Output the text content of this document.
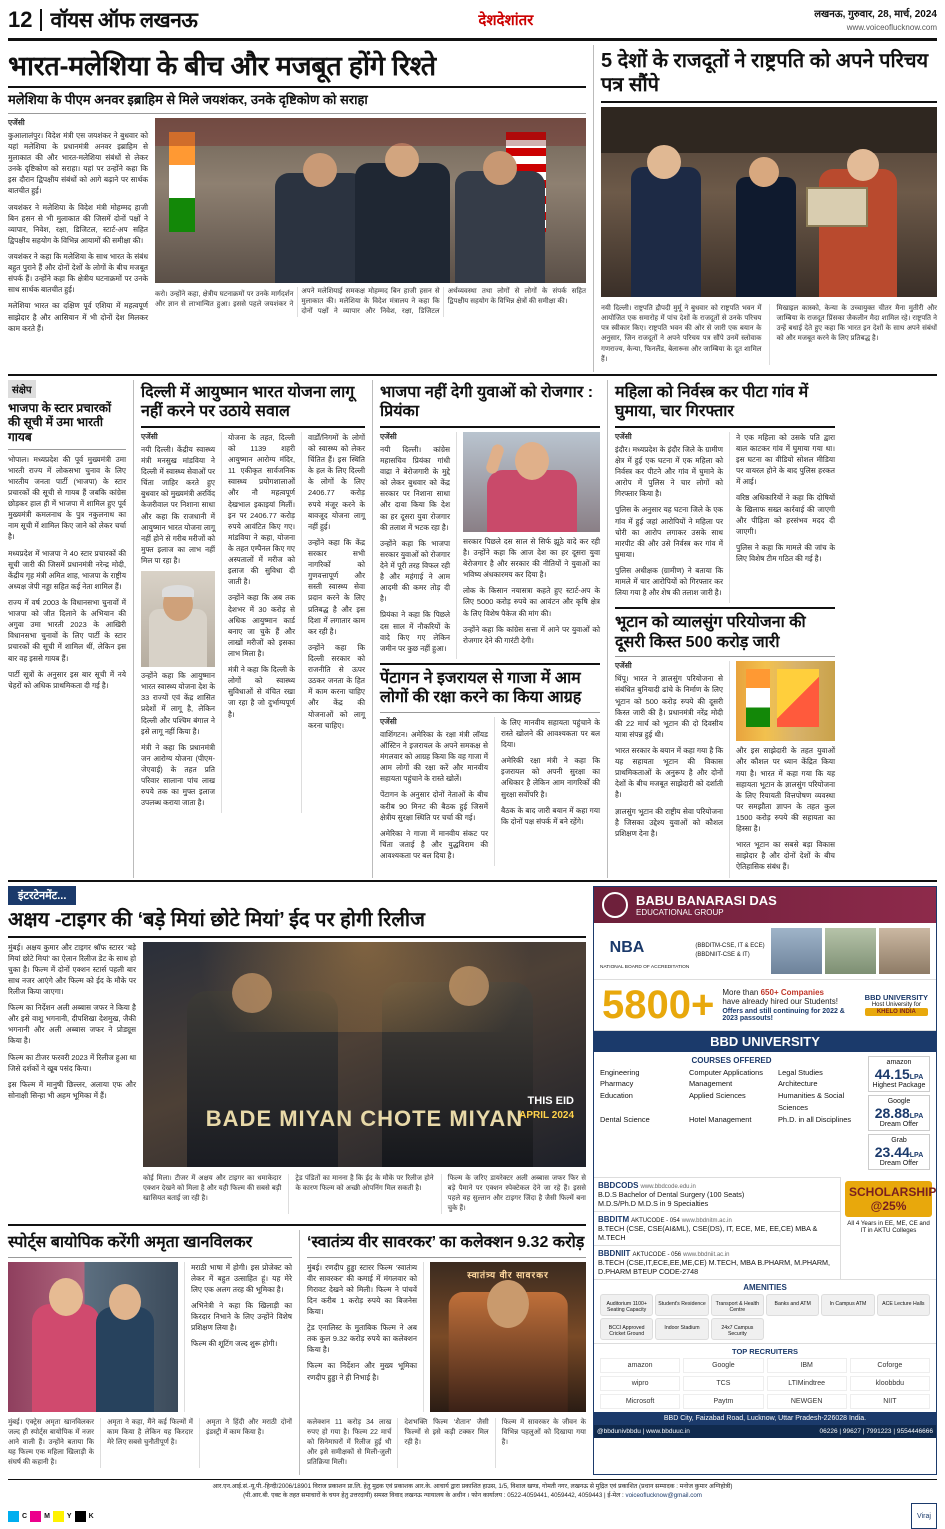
12 वॉयस ऑफ लखनऊ	देशदेशांतर	लखनऊ, गुरुवार, 28, मार्च, 2024
www.voiceoflucknow.com
भारत-मलेशिया के बीच और मजबूत होंगे रिश्ते
मलेशिया के पीएम अनवर इब्राहिम से मिले जयशंकर, उनके दृष्टिकोण को सराहा
एजेंसी

कुआलालंपुर। विदेश मंत्री एस जयशंकर ने बुधवार को यहां मलेशिया के प्रधानमंत्री अनवर इब्राहिम से मुलाकात की और भारत-मलेशिया संबंधों से लेकर उनके दृष्टिकोण को सराहा। यहां पर उन्होंने कहा कि इस दौरान द्विपक्षीय संबंधों को आगे बढ़ाने पर सार्थक बातचीत हुई।

जयशंकर ने मलेशिया के विदेश मंत्री मोहम्मद हाजी बिन हसन से भी मुलाकात की जिसमें दोनों पक्षों ने व्यापार, निवेश, रक्षा, डिजिटल, स्टार्ट-अप सहित द्विपक्षीय सहयोग के विभिन्न आयामों की समीक्षा की।

जयशंकर ने कहा कि मलेशिया के साथ भारत के संबंध बहुत पुराने हैं और दोनों देशों के लोगों के बीच मजबूत संपर्क हैं। उन्होंने कहा कि क्षेत्रीय घटनाक्रमों पर उनके साथ सार्थक बातचीत हुई।

मलेशिया भारत का दक्षिण पूर्व एशिया में महत्वपूर्ण साझेदार है और आसियान में भी दोनों देश मिलकर काम करते हैं।

करो। उन्होंने कहा, क्षेत्रीय घटनाक्रमों पर उनके मार्गदर्शन और ज्ञान से लाभान्वित हुआ। इससे पहले जयशंकर ने अपने मलेशियाई समकक्ष मोहम्मद बिन हाजी हसन से मुलाकात की। मलेशिया के विदेश मंत्रालय ने कहा कि दोनों पक्षों ने व्यापार और निवेश, रक्षा, डिजिटल अर्थव्यवस्था तथा लोगों से लोगों के संपर्क सहित द्विपक्षीय सहयोग के विभिन्न क्षेत्रों की समीक्षा की।

5 देशों के राजदूतों ने राष्ट्रपति को अपने परिचय पत्र सौंपे

नयी दिल्ली। राष्ट्रपति द्रौपदी मुर्मू ने बुधवार को राष्ट्रपति भवन में आयोजित एक समारोह में पांच देशों के राजदूतों से उनके परिचय पत्र स्वीकार किए। राष्ट्रपति भवन की ओर से जारी एक बयान के अनुसार, जिन राजदूतों ने अपने परिचय पत्र सौंपे उनमें स्लोवाक गणराज्य, केन्या, फिनलैंड, बेलारूस और जाम्बिया के दूत शामिल हैं।

मिखाइल कास्को, केन्या के उच्चायुक्त चीतर मैना मुतीरी और जाम्बिया के राजदूत प्रिंसका जैकलीन मैदा शामिल रहे। राष्ट्रपति ने उन्हें बधाई देते हुए कहा कि भारत इन देशों के साथ अपने संबंधों को और मजबूत करने के लिए प्रतिबद्ध है।

संक्षेप
भाजपा के स्टार प्रचारकों की सूची में उमा भारती गायब

भोपाल। मध्यप्रदेश की पूर्व मुख्यमंत्री उमा भारती राज्य में लोकसभा चुनाव के लिए भारतीय जनता पार्टी (भाजपा) के स्टार प्रचारकों की सूची से गायब हैं जबकि कांग्रेस छोड़कर हाल ही में भाजपा में शामिल हुए पूर्व मुख्यमंत्री कमलनाथ के पुत्र नकुलनाथ का नाम सूची में शामिल किए जाने को लेकर चर्चा है।

मध्यप्रदेश में भाजपा ने 40 स्टार प्रचारकों की सूची जारी की जिसमें प्रधानमंत्री नरेन्द्र मोदी, केंद्रीय गृह मंत्री अमित शाह, भाजपा के राष्ट्रीय अध्यक्ष जेपी नड्डा सहित कई नेता शामिल हैं।

राज्य में वर्ष 2003 के विधानसभा चुनावों में भाजपा को जीत दिलाने के अभियान की अगुवा उमा भारती 2023 के आखिरी विधानसभा चुनावों के लिए पार्टी के स्टार प्रचारकों की सूची में शामिल थीं, लेकिन इस बार वह इससे गायब हैं।

पार्टी सूत्रों के अनुसार इस बार सूची में नये चेहरों को अधिक प्राथमिकता दी गई है।

दिल्ली में आयुष्मान भारत योजना लागू नहीं करने पर उठाये सवाल
एजेंसी

नयी दिल्ली। केंद्रीय स्वास्थ्य मंत्री मनसुख मांडविया ने दिल्ली में स्वास्थ्य सेवाओं पर चिंता जाहिर करते हुए बुधवार को मुख्यमंत्री अरविंद केजरीवाल पर निशाना साधा और कहा कि राजधानी में आयुष्मान भारत योजना लागू नहीं होने से गरीब मरीजों को मुफ्त इलाज का लाभ नहीं मिल पा रहा है।

उन्होंने कहा कि आयुष्मान भारत स्वास्थ्य योजना देश के 33 राज्यों एवं केंद्र शासित प्रदेशों में लागू है, लेकिन दिल्ली और पश्चिम बंगाल ने इसे लागू नहीं किया है।

मंत्री ने कहा कि प्रधानमंत्री जन आरोग्य योजना (पीएम-जेएवाई) के तहत प्रति परिवार सालाना पांच लाख रुपये तक का मुफ्त इलाज उपलब्ध कराया जाता है।

योजना के तहत, दिल्ली को 1139 शहरी आयुष्मान आरोग्य मंदिर, 11 एकीकृत सार्वजनिक स्वास्थ्य प्रयोगशालाओं और नौ महत्वपूर्ण देखभाल इकाइयां मिलीं। इन पर 2406.77 करोड़ रुपये आवंटित किए गए। मांडविया ने कहा, योजना के तहत एम्पैनल किए गए अस्पतालों में मरीज को इलाज की सुविधा दी जाती है।

उन्होंने कहा कि अब तक देशभर में 30 करोड़ से अधिक आयुष्मान कार्ड बनाए जा चुके हैं और लाखों मरीजों को इसका लाभ मिला है।

मंत्री ने कहा कि दिल्ली के लोगों को स्वास्थ्य सुविधाओं से वंचित रखा जा रहा है जो दुर्भाग्यपूर्ण है।

वार्डों/निगमों के लोगों को स्वास्थ्य को लेकर चिंतित हैं। इस स्थिति के हल के लिए दिल्ली के लोगों के लिए 2406.77 करोड़ रुपये मंजूर करने के बावजूद योजना लागू नहीं हुई।

उन्होंने कहा कि केंद्र सरकार सभी नागरिकों को गुणवत्तापूर्ण और सस्ती स्वास्थ्य सेवा प्रदान करने के लिए प्रतिबद्ध है और इस दिशा में लगातार काम कर रही है।

उन्होंने कहा कि दिल्ली सरकार को राजनीति से ऊपर उठकर जनता के हित में काम करना चाहिए और केंद्र की योजनाओं को लागू करना चाहिए।

भाजपा नहीं देगी युवाओं को रोजगार : प्रियंका
एजेंसी

नयी दिल्ली। कांग्रेस महासचिव प्रियंका गांधी वाद्रा ने बेरोजगारी के मुद्दे को लेकर बुधवार को केंद्र सरकार पर निशाना साधा और दावा किया कि देश का हर दूसरा युवा रोजगार की तलाश में भटक रहा है।

उन्होंने कहा कि भाजपा सरकार युवाओं को रोजगार देने में पूरी तरह विफल रही है और महंगाई ने आम आदमी की कमर तोड़ दी है।

प्रियंका ने कहा कि पिछले दस साल में नौकरियों के वादे किए गए लेकिन जमीन पर कुछ नहीं हुआ।

सरकार पिछले दस साल से सिर्फ झूठे वादे कर रही है। उन्होंने कहा कि आज देश का हर दूसरा युवा बेरोजगार है और सरकार की नीतियों ने युवाओं का भविष्य अंधकारमय कर दिया है।

लोक के किसान नयासत्रा कहते हुए स्टार्ट-अप के लिए 5000 करोड़ रुपये का आवंटन और कृषि क्षेत्र के लिए विशेष पैकेज की मांग की।

उन्होंने कहा कि कांग्रेस सत्ता में आने पर युवाओं को रोजगार देने की गारंटी देगी।

पेंटागन ने इजरायल से गाजा में आम लोगों की रक्षा करने का किया आग्रह
एजेंसी

वाशिंगटन। अमेरिका के रक्षा मंत्री लॉयड ऑस्टिन ने इजरायल के अपने समकक्ष से मंगलवार को आग्रह किया कि वह गाजा में आम लोगों की रक्षा करें और मानवीय सहायता पहुंचाने के रास्ते खोलें।

पेंटागन के अनुसार दोनों नेताओं के बीच करीब 90 मिनट की बैठक हुई जिसमें क्षेत्रीय सुरक्षा स्थिति पर चर्चा की गई।

अमेरिका ने गाजा में मानवीय संकट पर चिंता जताई है और युद्धविराम की आवश्यकता पर बल दिया है।

के लिए मानवीय सहायता पहुंचाने के रास्ते खोलने की आवश्यकता पर बल दिया।

अमेरिकी रक्षा मंत्री ने कहा कि इजरायल को अपनी सुरक्षा का अधिकार है लेकिन आम नागरिकों की सुरक्षा सर्वोपरि है।

बैठक के बाद जारी बयान में कहा गया कि दोनों पक्ष संपर्क में बने रहेंगे।

महिला को निर्वस्त्र कर पीटा गांव में घुमाया, चार गिरफ्तार
एजेंसी

इंदौर। मध्यप्रदेश के इंदौर जिले के ग्रामीण क्षेत्र में हुई एक घटना में एक महिला को निर्वस्त्र कर पीटने और गांव में घुमाने के आरोप में पुलिस ने चार लोगों को गिरफ्तार किया है।

पुलिस के अनुसार यह घटना जिले के एक गांव में हुई जहां आरोपियों ने महिला पर चोरी का आरोप लगाकर उसके साथ मारपीट की और उसे निर्वस्त्र कर गांव में घुमाया।

पुलिस अधीक्षक (ग्रामीण) ने बताया कि मामले में चार आरोपियों को गिरफ्तार कर लिया गया है और शेष की तलाश जारी है।

ने एक महिला को उसके पति द्वारा बाल काटकर गांव में घुमाया गया था। इस घटना का वीडियो सोशल मीडिया पर वायरल होने के बाद पुलिस हरकत में आई।

वरिष्ठ अधिकारियों ने कहा कि दोषियों के खिलाफ सख्त कार्रवाई की जाएगी और पीड़िता को हरसंभव मदद दी जाएगी।

पुलिस ने कहा कि मामले की जांच के लिए विशेष टीम गठित की गई है।

भूटान को व्यालसुंग परियोजना की दूसरी किस्त 500 करोड़ जारी
एजेंसी

थिंपू। भारत ने ज्ञालसुंग परियोजना से संबंधित बुनियादी ढांचे के निर्माण के लिए भूटान को 500 करोड़ रुपये की दूसरी किस्त जारी की है। प्रधानमंत्री नरेंद्र मोदी की 22 मार्च को भूटान की दो दिवसीय यात्रा संपन्न हुई थी।

भारत सरकार के बयान में कहा गया है कि यह सहायता भूटान की विकास प्राथमिकताओं के अनुरूप है और दोनों देशों के बीच मजबूत साझेदारी को दर्शाती है।

ज्ञालसुंग भूटान की राष्ट्रीय सेवा परियोजना है जिसका उद्देश्य युवाओं को कौशल प्रशिक्षण देना है।

और इस साझेदारी के तहत युवाओं और कौशल पर ध्यान केंद्रित किया गया है। भारत में कहा गया कि यह सहायता भूटान के ज्ञालसुंग परियोजना के लिए रियायती वित्तपोषण व्यवस्था पर समझौता ज्ञापन के तहत कुल 1500 करोड़ रुपये की सहायता का हिस्सा है।

भारत भूटान का सबसे बड़ा विकास साझेदार है और दोनों देशों के बीच ऐतिहासिक संबंध हैं।

इंटरटेनमेंट...
अक्षय -टाइगर की ‘बड़े मियां छोटे मियां’ ईद पर होगी रिलीज

मुंबई। अक्षय कुमार और टाइगर श्रॉफ स्टारर ‘बड़े मियां छोटे मियां’ का ऐलान रिलीज डेट के साथ हो चुका है। फिल्म में दोनों एक्शन स्टार्स पहली बार साथ नजर आएंगे और फिल्म को ईद के मौके पर रिलीज किया जाएगा।

फिल्म का निर्देशन अली अब्बास जफर ने किया है और इसे वाशु भगनानी, दीपशिखा देशमुख, जैकी भगनानी और अली अब्बास जफर ने प्रोड्यूस किया है।

फिल्म का टीजर फरवरी 2023 में रिलीज हुआ था जिसे दर्शकों ने खूब पसंद किया।

इस फिल्म में मानुषी छिल्लर, अलाया एफ और सोनाक्षी सिन्हा भी अहम भूमिका में हैं।

BADE MIYAN CHOTE MIYAN
THIS EID
APRIL 2024

कोई मिला। टीजर में अक्षय और टाइगर का धमाकेदार एक्शन देखने को मिला है और यही फिल्म की सबसे बड़ी खासियत बताई जा रही है।

ट्रेड पंडितों का मानना है कि ईद के मौके पर रिलीज होने के कारण फिल्म को अच्छी ओपनिंग मिल सकती है।

फिल्म के जरिए डायरेक्टर अली अब्बास जफर फिर से बड़े पैमाने पर एक्शन स्पेक्टेकल देने जा रहे हैं। इससे पहले वह सुल्तान और टाइगर जिंदा है जैसी फिल्में बना चुके हैं।

स्पोर्ट्स बायोपिक करेंगी अमृता खानविलकर

मराठी भाषा में होगी। इस प्रोजेक्ट को लेकर में बहुत उत्साहित हूं। यह मेरे लिए एक अलग तरह की भूमिका है।

अभिनेत्री ने कहा कि खिलाड़ी का किरदार निभाने के लिए उन्होंने विशेष प्रशिक्षण लिया है।

फिल्म की शूटिंग जल्द शुरू होगी।

मुंबई। एक्ट्रेस अमृता खानविलकर जल्द ही स्पोर्ट्स बायोपिक में नजर आने वाली हैं। उन्होंने बताया कि यह फिल्म एक महिला खिलाड़ी के संघर्ष की कहानी है।

अमृता ने कहा, मैंने कई फिल्मों में काम किया है लेकिन यह किरदार मेरे लिए सबसे चुनौतीपूर्ण है।

अमृता ने हिंदी और मराठी दोनों इंडस्ट्री में काम किया है।

‘स्वातंत्र्य वीर सावरकर’ का कलेक्शन 9.32 करोड़

मुंबई। रणदीप हुड्डा स्टारर फिल्म ‘स्वातंत्र्य वीर सावरकर’ की कमाई में मंगलवार को गिरावट देखने को मिली। फिल्म ने पांचवें दिन करीब 1 करोड़ रुपये का बिजनेस किया।

ट्रेड एनालिस्ट के मुताबिक फिल्म ने अब तक कुल 9.32 करोड़ रुपये का कलेक्शन किया है।

फिल्म का निर्देशन और मुख्य भूमिका रणदीप हुड्डा ने ही निभाई है।

स्वातंत्र्य वीर सावरकर

कलेक्शन 11 करोड़ 34 लाख रुपए हो गया है। फिल्म 22 मार्च को सिनेमाघरों में रिलीज हुई थी और इसे समीक्षकों से मिली-जुली प्रतिक्रिया मिली।

देशभक्ति फिल्म ‘शैतान’ जैसी फिल्मों से इसे कड़ी टक्कर मिल रही है।

फिल्म में सावरकर के जीवन के विभिन्न पहलुओं को दिखाया गया है।

BABU BANARASI DAS
EDUCATIONAL GROUP
NBA
NATIONAL BOARD OF ACCREDITATION
(BBDITM-CSE, IT & ECE)
(BBDNIIT-CSE & IT)
5800+ More than 650+ Companies
have already hired our Students!
Offers and still continuing for 2022 & 2023 passouts!
BBD UNIVERSITY
Host University for
KHELO INDIA
BBD UNIVERSITY
COURSES OFFERED
Engineering	Computer Applications	Legal Studies
Pharmacy	Management	Architecture
Education	Applied Sciences	Humanities & Social Sciences
Dental Science	Hotel Management	Ph.D. in all Disciplines
amazon
44.15LPA
Highest Package
Google
28.88LPA
Dream Offer
Grab
23.44LPA
Dream Offer
BBDCODS www.bbdcode.edu.in
B.D.S Bachelor of Dental Surgery (100 Seats)
M.D.S/Ph.D M.D.S in 9 Specialties
BBDITM AKTUCODE - 054 www.bbdnitm.ac.in
B.TECH (CSE, CSE(AI&ML), CSE(DS), IT, ECE, ME, EE,CE) MBA & M.TECH
BBDNIIT AKTUCODE - 056 www.bbdniit.ac.in
B.TECH (CSE,IT,ECE,EE,ME,CE) M.TECH, MBA B.PHARM, M.PHARM, D.PHARM BTEUP CODE-2748
SCHOLARSHIP @25%
All 4 Years in EE, ME, CE and IT in AKTU Colleges
AMENITIES
Auditorium 1100+ Seating Capacity
Student's Residence	Transport & Health Centre
Banks and ATM	In Campus ATM	ACE Lecture Halls
BCCI Approved Cricket Ground
Indoor Stadium	24x7 Campus Security
TOP RECRUITERS
amazon	Google	IBM	Coforge
wipro	TCS	LTIMindtree	kloobbdu
Microsoft	Paytm	NEWGEN	NIIT
BBD City, Faizabad Road, Lucknow, Uttar Pradesh-226028 India.
@bbdunivbbdu | www.bbduuc.in	06226 | 99627 | 7991223 | 9554446666
आर.एन.आई.सं.-यू.पी.-हिन्दी/2006/18901 विराज प्रकाशन प्रा.लि. हेतु मुद्रक एवं प्रकाशक आर.के. आचार्य द्वारा प्रकाशित हाउस, 1/5, विशाल खण्ड, गोमती नगर, लखनऊ से मुद्रित एवं प्रकाशित (प्रधान सम्पादक : मनोज कुमार अग्निहोत्री)
(पी.आर.बी. एक्ट के तहत समाचारों के चयन हेतु उत्तरदायी) समस्त विवाद लखनऊ न्यायालय के अधीन । फोन कार्यालय : 0522-4059441, 4059442, 4059443 | ई-मेल : voiceoflucknow@gmail.com
C M Y K	Viraj
